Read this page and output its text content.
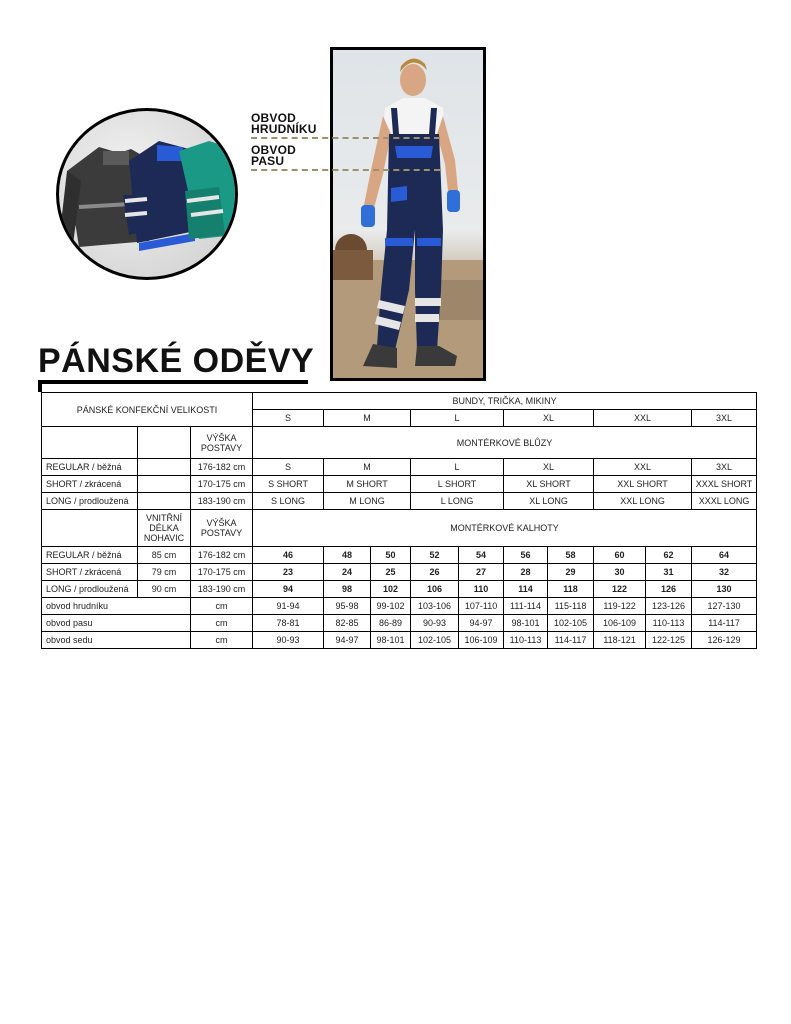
OBVOD
HRUDNÍKU
OBVOD
PASU
PÁNSKÉ ODĚVY
PÁNSKÉ KONFEKČNÍ VELIKOSTI			BUNDY, TRIČKA, MIKINY									
			S	M		L		XL		XXL		3XL
		VÝŠKA POSTAVY	MONTÉRKOVÉ BLŮZY									
REGULAR / běžná		176-182 cm	S	M		L		XL		XXL		3XL
SHORT / zkrácená		170-175 cm	S SHORT	M SHORT		L SHORT		XL SHORT		XXL SHORT		XXXL SHORT
LONG / prodloužená		183-190 cm	S LONG	M LONG		L LONG		XL LONG		XXL LONG		XXXL LONG
	VNITŘNÍ DÉLKA NOHAVIC	VÝŠKA POSTAVY	MONTÉRKOVÉ KALHOTY									
REGULAR / běžná	85 cm	176-182 cm	46	48	50	52	54	56	58	60	62	64
SHORT / zkrácená	79 cm	170-175 cm	23	24	25	26	27	28	29	30	31	32
LONG / prodloužená	90 cm	183-190 cm	94	98	102	106	110	114	118	122	126	130
obvod hrudníku		cm	91-94	95-98	99-102	103-106	107-110	111-114	115-118	119-122	123-126	127-130
obvod pasu		cm	78-81	82-85	86-89	90-93	94-97	98-101	102-105	106-109	110-113	114-117
obvod sedu		cm	90-93	94-97	98-101	102-105	106-109	110-113	114-117	118-121	122-125	126-129
